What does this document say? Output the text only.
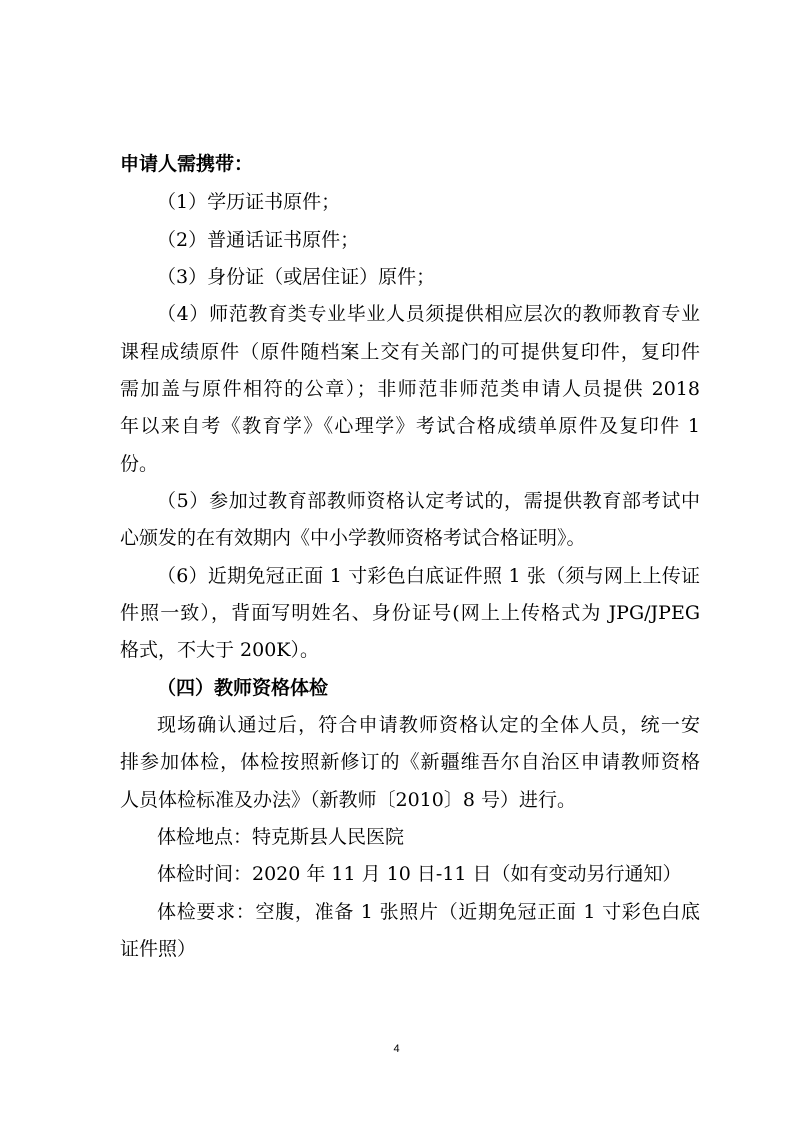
申请人需携带：
（1）学历证书原件；
（2）普通话证书原件；
（3）身份证（或居住证）原件；
（4）师范教育类专业毕业人员须提供相应层次的教师教育专业
课程成绩原件（原件随档案上交有关部门的可提供复印件，复印件
需加盖与原件相符的公章）；非师范非师范类申请人员提供 2018
年以来自考《教育学》《心理学》考试合格成绩单原件及复印件 1
份。
（5）参加过教育部教师资格认定考试的，需提供教育部考试中
心颁发的在有效期内《中小学教师资格考试合格证明》。
（6）近期免冠正面 1 寸彩色白底证件照 1 张（须与网上上传证
件照一致），背面写明姓名、身份证号(网上上传格式为 JPG/JPEG
格式，不大于 200K）。
（四）教师资格体检
现场确认通过后，符合申请教师资格认定的全体人员，统一安
排参加体检，体检按照新修订的《新疆维吾尔自治区申请教师资格
人员体检标准及办法》（新教师〔2010〕8 号）进行。
体检地点：特克斯县人民医院
体检时间：2020 年 11 月 10 日-11 日（如有变动另行通知）
体检要求：空腹，准备 1 张照片（近期免冠正面 1 寸彩色白底
证件照）
4
